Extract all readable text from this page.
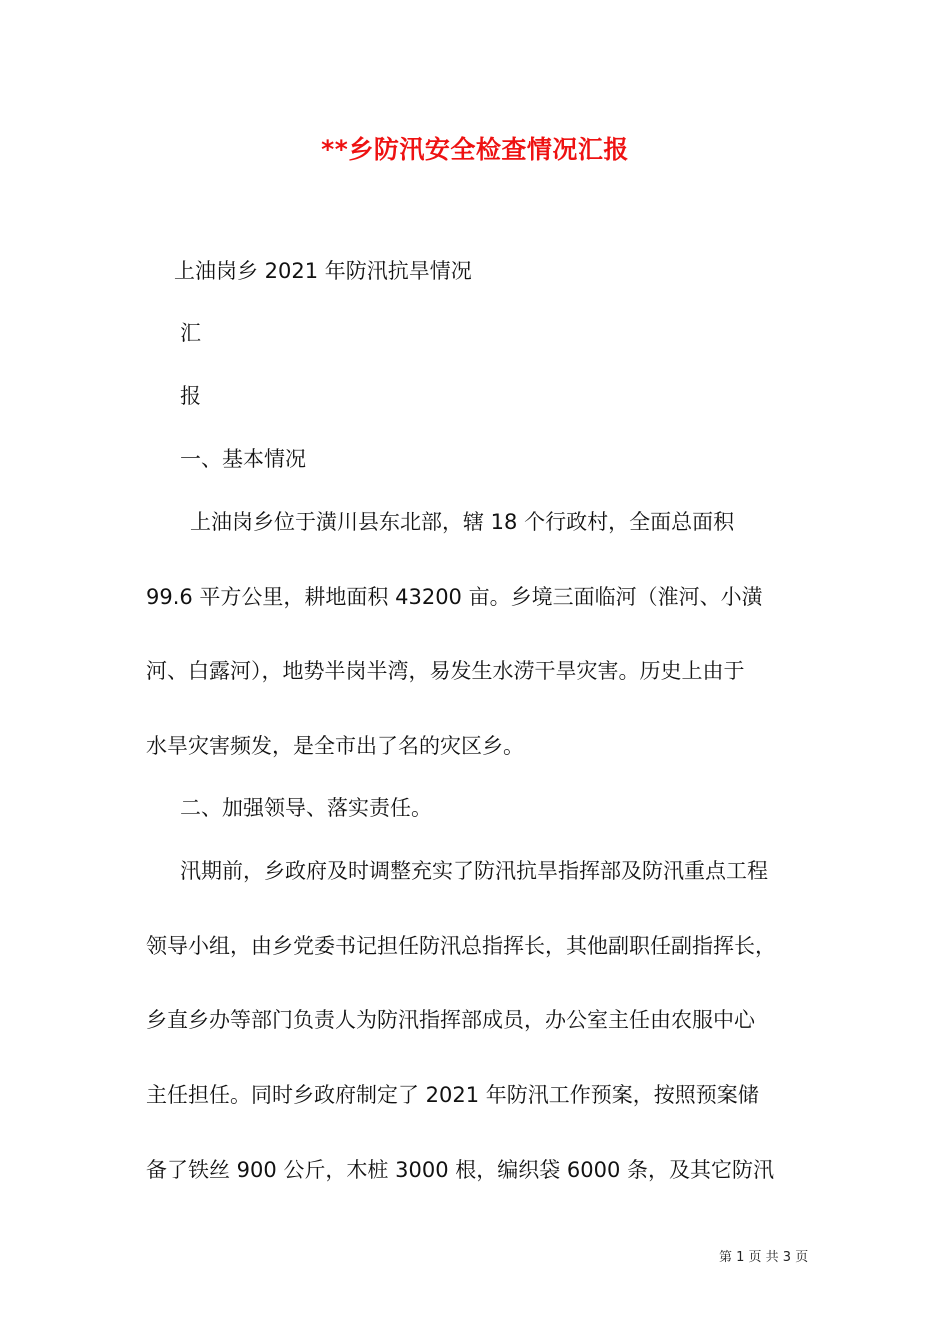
**乡防汛安全检查情况汇报
上油岗乡 2021 年防汛抗旱情况
汇
报
一、基本情况
上油岗乡位于潢川县东北部，辖 18 个行政村，全面总面积
99.6 平方公里，耕地面积 43200 亩。乡境三面临河（淮河、小潢
河、白露河），地势半岗半湾，易发生水涝干旱灾害。历史上由于
水旱灾害频发，是全市出了名的灾区乡。
二、加强领导、落实责任。
汛期前，乡政府及时调整充实了防汛抗旱指挥部及防汛重点工程
领导小组，由乡党委书记担任防汛总指挥长，其他副职任副指挥长，
乡直乡办等部门负责人为防汛指挥部成员，办公室主任由农服中心
主任担任。同时乡政府制定了 2021 年防汛工作预案，按照预案储
备了铁丝 900 公斤，木桩 3000 根，编织袋 6000 条，及其它防汛
第 1 页 共 3 页
